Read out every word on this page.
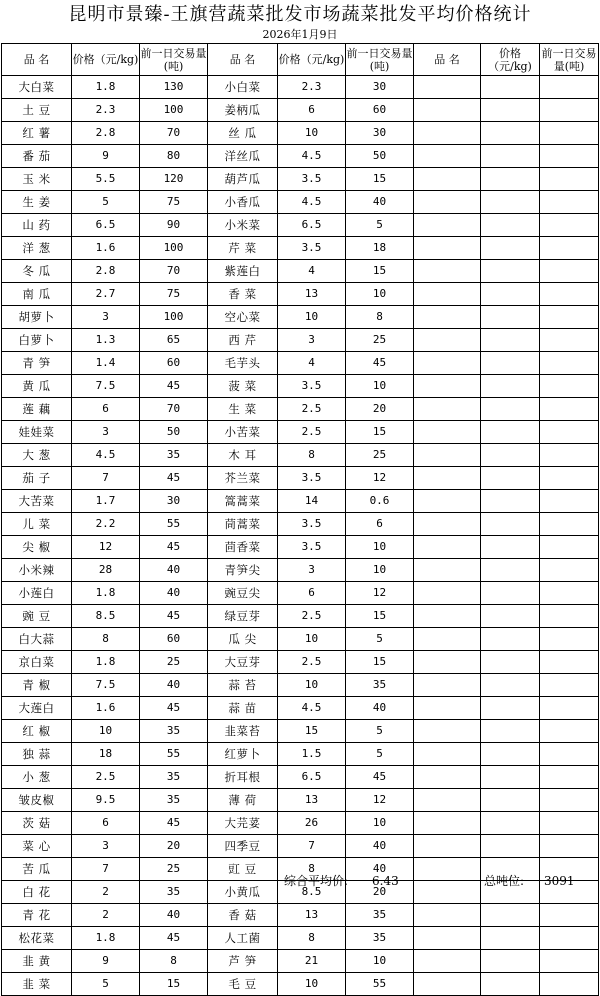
昆明市景臻-王旗营蔬菜批发市场蔬菜批发平均价格统计
2026年1月9日
品 名	价格（元/kg)	前一日交易量(吨)	品 名	价格（元/kg)	前一日交易量(吨)	品 名	价格（元/kg)	前一日交易量(吨)
大白菜	1.8	130	小白菜	2.3	30			
土 豆	2.3	100	姜柄瓜	6	60			
红 薯	2.8	70	丝 瓜	10	30			
番 茄	9	80	洋丝瓜	4.5	50			
玉 米	5.5	120	葫芦瓜	3.5	15			
生 姜	5	75	小香瓜	4.5	40			
山 药	6.5	90	小米菜	6.5	5			
洋 葱	1.6	100	芹 菜	3.5	18			
冬 瓜	2.8	70	紫莲白	4	15			
南 瓜	2.7	75	香 菜	13	10			
胡萝卜	3	100	空心菜	10	8			
白萝卜	1.3	65	西 芹	3	25			
青 笋	1.4	60	毛芋头	4	45			
黄 瓜	7.5	45	菠 菜	3.5	10			
莲 藕	6	70	生 菜	2.5	20			
娃娃菜	3	50	小苦菜	2.5	15			
大 葱	4.5	35	木 耳	8	25			
茄 子	7	45	芥兰菜	3.5	12			
大苦菜	1.7	30	篙蒿菜	14	0.6			
儿 菜	2.2	55	茼蒿菜	3.5	6			
尖 椒	12	45	茴香菜	3.5	10			
小米辣	28	40	青笋尖	3	10			
小莲白	1.8	40	豌豆尖	6	12			
豌 豆	8.5	45	绿豆芽	2.5	15			
白大蒜	8	60	瓜 尖	10	5			
京白菜	1.8	25	大豆芽	2.5	15			
青 椒	7.5	40	蒜 苔	10	35			
大莲白	1.6	45	蒜 苗	4.5	40			
红 椒	10	35	韭菜苔	15	5			
独 蒜	18	55	红萝卜	1.5	5			
小 葱	2.5	35	折耳根	6.5	45			
皱皮椒	9.5	35	薄 荷	13	12			
茨 菇	6	45	大芫荽	26	10			
菜 心	3	20	四季豆	7	40			
苦 瓜	7	25	豇 豆	8	40			
白 花	2	35	小黄瓜	8.5	20			
青 花	2	40	香 菇	13	35			
松花菜	1.8	45	人工菌	8	35			
韭 黄	9	8	芦 笋	21	10			
韭 菜	5	15	毛 豆	10	55			
综合平均价: 6.43	总吨位: 3091
